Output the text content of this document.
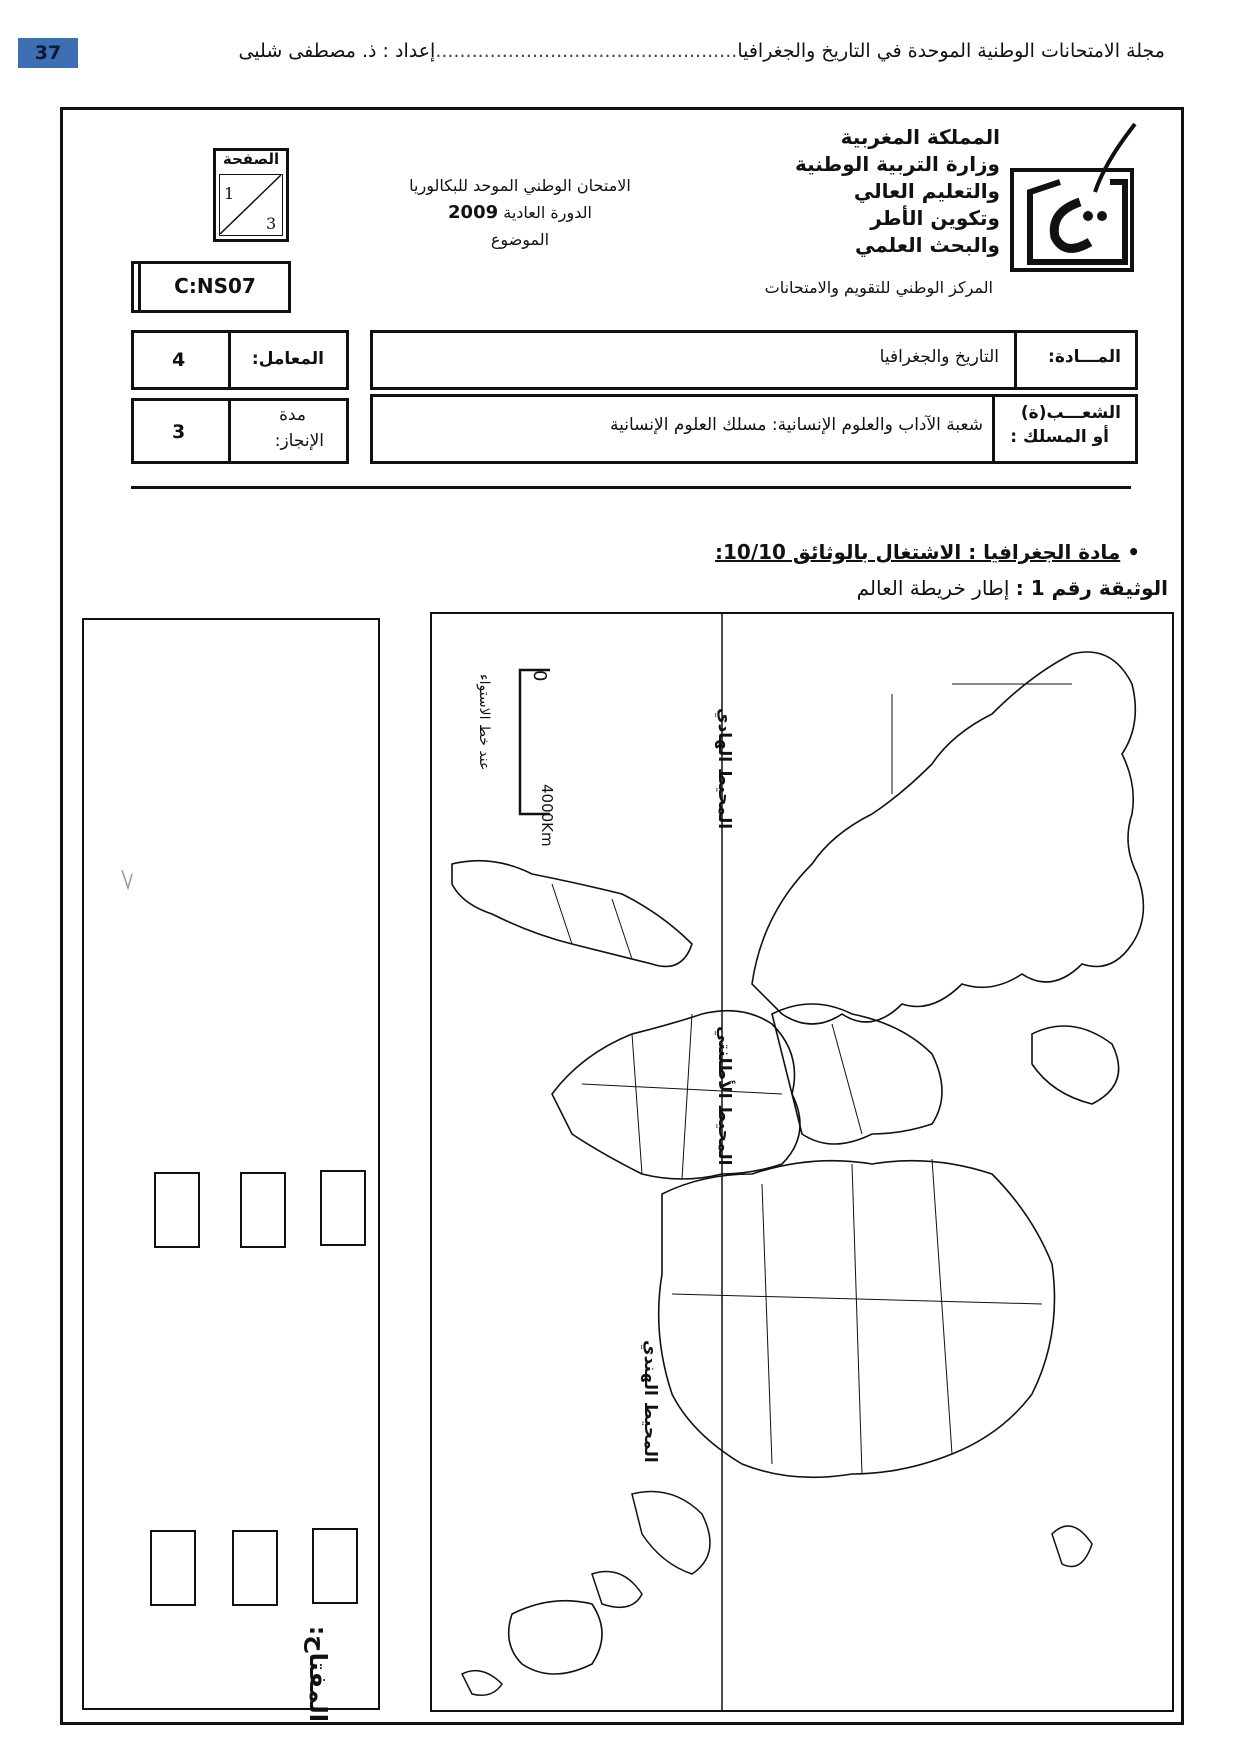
37	مجلة الامتحانات الوطنية الموحدة في التاريخ والجغرافيا..................................................إعداد : ذ. مصطفى شليى
المملكة المغربية
وزارة التربية الوطنية
والتعليم العالي
وتكوين الأطر
والبحث العلمي
المركز الوطني للتقويم والامتحانات
الامتحان الوطني الموحد للبكالوريا
الدورة العادية 2009
الموضوع
الصفحة
1
3
C:NS07
المـــادة:
التاريخ والجغرافيا
الشعـــب(ة)
أو المسلك :
شعبة الآداب والعلوم الإنسانية: مسلك العلوم الإنسانية
المعامل:
4
مدة
الإنجاز:
3
• مادة الجغرافيا : الاشتغال بالوثائق 10/10:
الوثيقة رقم 1 : إطار خريطة العالم
المفتاح:
0
4000Km
عند خط الاستواء	المحيط الهادي
المحيط الأطلنتي
المحيط الهندي
